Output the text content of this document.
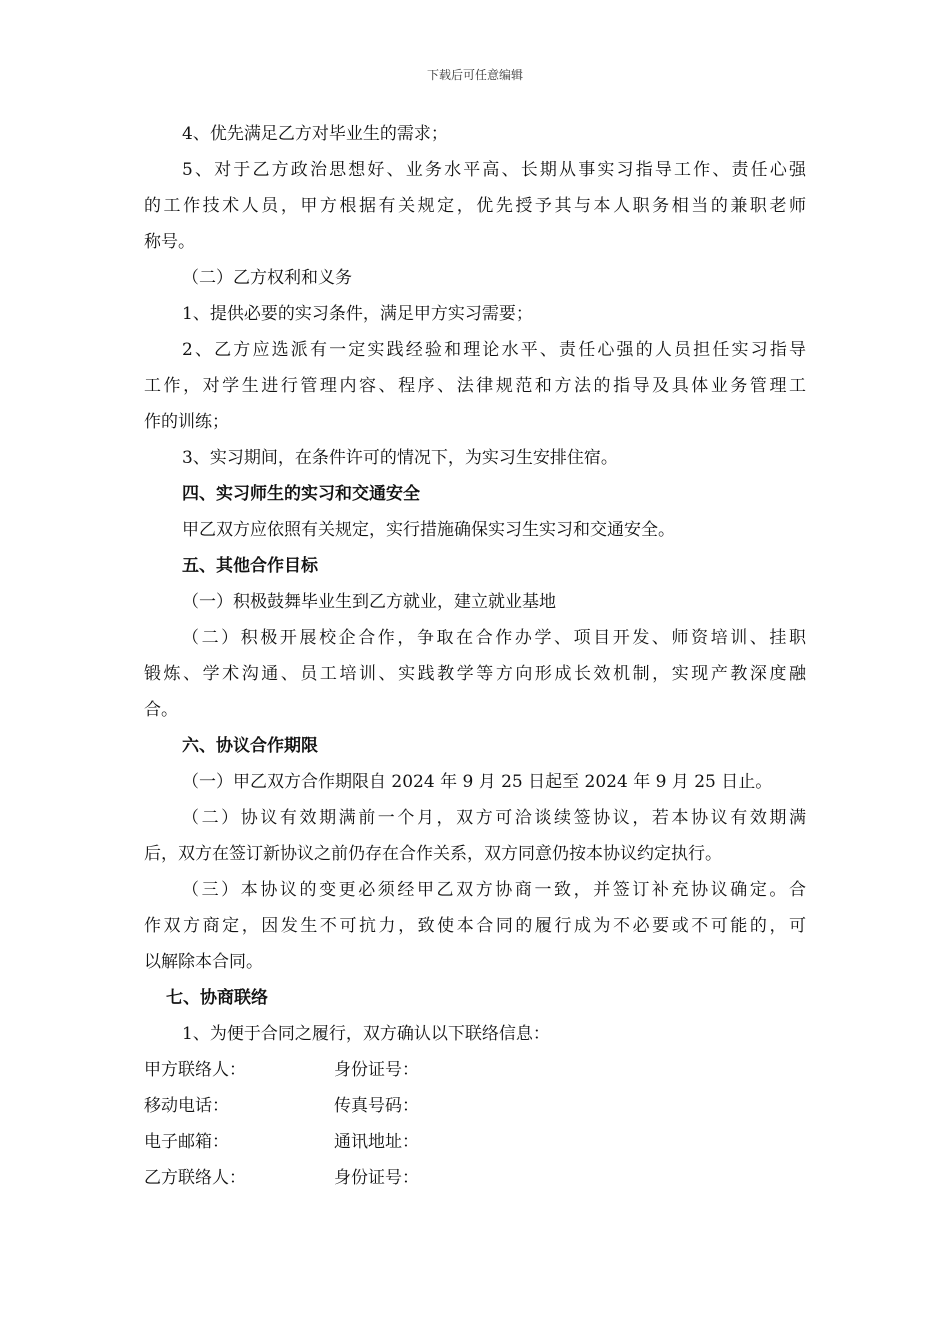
下载后可任意编辑

4、优先满足乙方对毕业生的需求；

5、对于乙方政治思想好、业务水平高、长期从事实习指导工作、责任心强

的工作技术人员，甲方根据有关规定，优先授予其与本人职务相当的兼职老师

称号。

（二）乙方权利和义务

1、提供必要的实习条件，满足甲方实习需要；

2、乙方应选派有一定实践经验和理论水平、责任心强的人员担任实习指导

工作，对学生进行管理内容、程序、法律规范和方法的指导及具体业务管理工

作的训练；

3、实习期间，在条件许可的情况下，为实习生安排住宿。

四、实习师生的实习和交通安全

甲乙双方应依照有关规定，实行措施确保实习生实习和交通安全。

五、其他合作目标

（一）积极鼓舞毕业生到乙方就业，建立就业基地

（二）积极开展校企合作，争取在合作办学、项目开发、师资培训、挂职

锻炼、学术沟通、员工培训、实践教学等方向形成长效机制，实现产教深度融

合。

六、协议合作期限

（一）甲乙双方合作期限自 2024 年 9 月 25 日起至 2024 年 9 月 25 日止。

（二）协议有效期满前一个月，双方可洽谈续签协议，若本协议有效期满

后，双方在签订新协议之前仍存在合作关系，双方同意仍按本协议约定执行。

（三）本协议的变更必须经甲乙双方协商一致，并签订补充协议确定。合

作双方商定，因发生不可抗力，致使本合同的履行成为不必要或不可能的，可

以解除本合同。

七、协商联络

1、为便于合同之履行，双方确认以下联络信息：

甲方联络人：	身份证号：
移动电话：	传真号码：
电子邮箱：	通讯地址：
乙方联络人：	身份证号：
